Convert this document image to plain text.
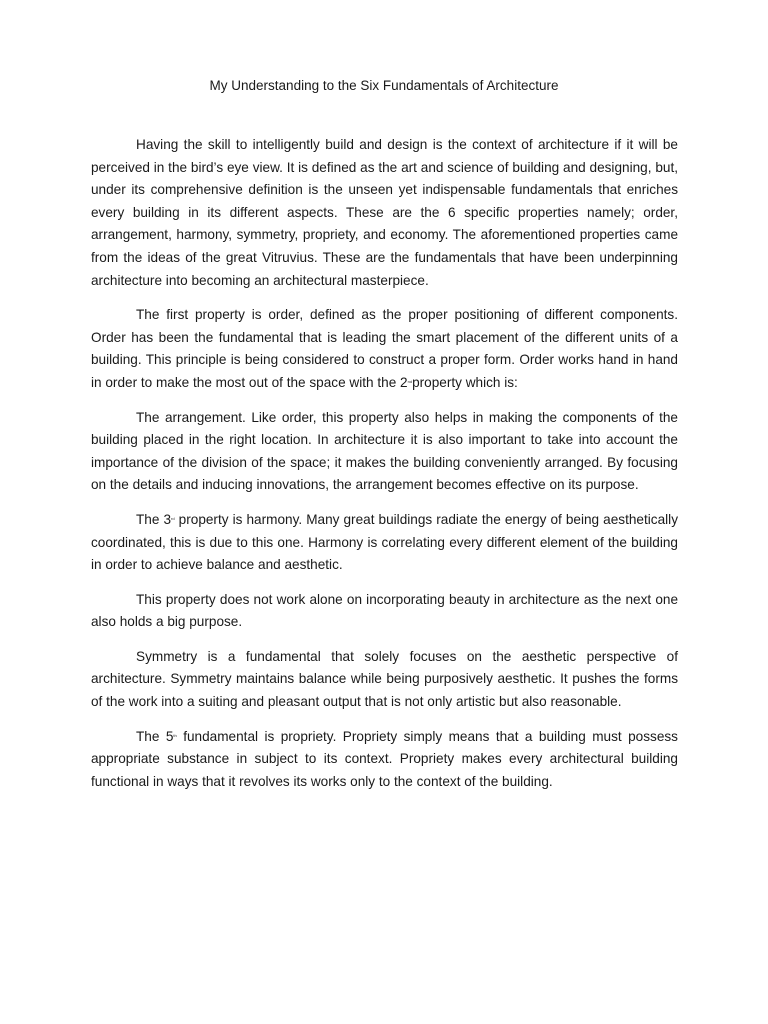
My Understanding to the Six Fundamentals of Architecture

Having the skill to intelligently build and design is the context of architecture if it will be perceived in the bird’s eye view. It is defined as the art and science of building and designing, but, under its comprehensive definition is the unseen yet indispensable fundamentals that enriches every building in its different aspects. These are the 6 specific properties namely; order, arrangement, harmony, symmetry, propriety, and economy. The aforementioned properties came from the ideas of the great Vitruvius. These are the fundamentals that have been underpinning architecture into becoming an architectural masterpiece.

The first property is order, defined as the proper positioning of different components. Order has been the fundamental that is leading the smart placement of the different units of a building. This principle is being considered to construct a proper form. Order works hand in hand in order to make the most out of the space with the 2ndproperty which is:

The arrangement. Like order, this property also helps in making the components of the building placed in the right location. In architecture it is also important to take into account the importance of the division of the space; it makes the building conveniently arranged. By focusing on the details and inducing innovations, the arrangement becomes effective on its purpose.

The 3rd property is harmony. Many great buildings radiate the energy of being aesthetically coordinated, this is due to this one. Harmony is correlating every different element of the building in order to achieve balance and aesthetic.

This property does not work alone on incorporating beauty in architecture as the next one also holds a big purpose.

Symmetry is a fundamental that solely focuses on the aesthetic perspective of architecture. Symmetry maintains balance while being purposively aesthetic. It pushes the forms of the work into a suiting and pleasant output that is not only artistic but also reasonable.

The 5th fundamental is propriety. Propriety simply means that a building must possess appropriate substance in subject to its context. Propriety makes every architectural building functional in ways that it revolves its works only to the context of the building.
